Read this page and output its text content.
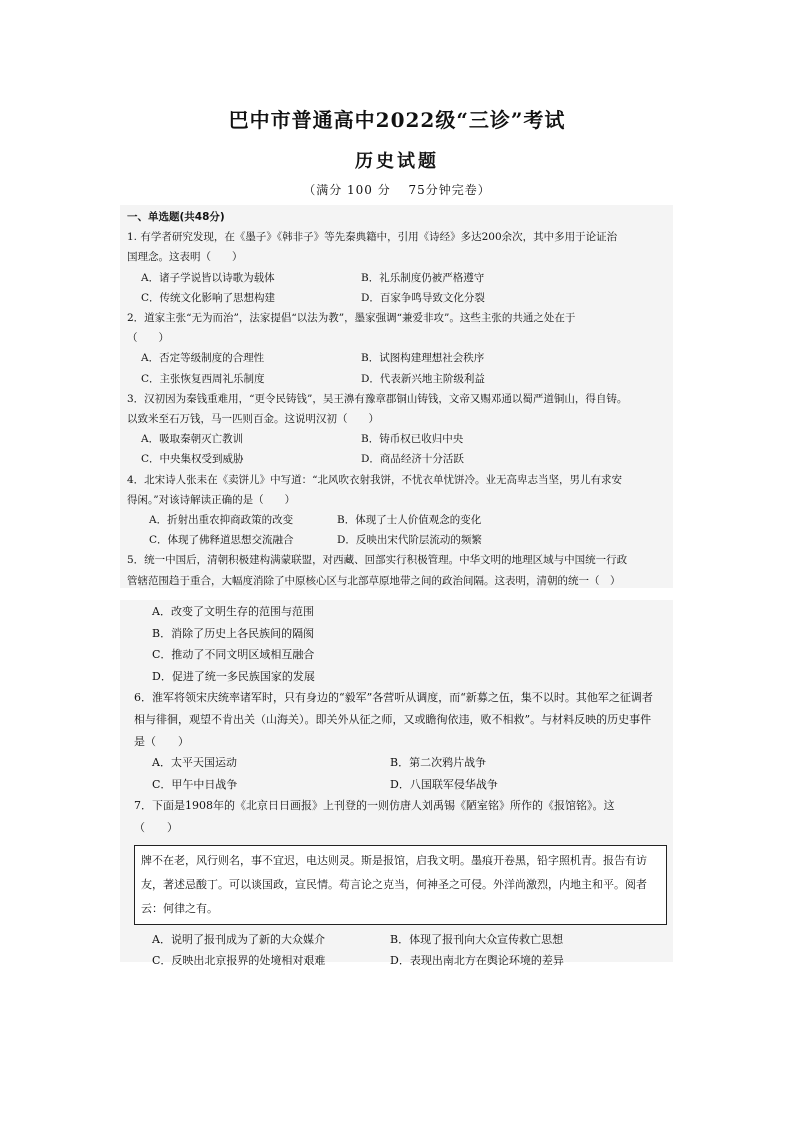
巴中市普通高中2022级“三诊”考试
历史试题
（满分 100 分　 75分钟完卷）
一、单选题(共48分)
1. 有学者研究发现，在《墨子》《韩非子》等先秦典籍中，引用《诗经》多达200余次，其中多用于论证治
国理念。这表明（　　）
A．诸子学说皆以诗歌为载体	B．礼乐制度仍被严格遵守
C．传统文化影响了思想构建	D．百家争鸣导致文化分裂
2．道家主张“无为而治”，法家提倡“以法为教”，墨家强调“兼爱非攻”。这些主张的共通之处在于
（　　）
A．否定等级制度的合理性	B．试图构建理想社会秩序
C．主张恢复西周礼乐制度	D．代表新兴地主阶级利益
3．汉初因为秦钱重难用，“更令民铸钱”，吴王濞有豫章郡铜山铸钱，文帝又赐邓通以蜀严道铜山，得自铸。
以致米至石万钱，马一匹则百金。这说明汉初（　　）
A．吸取秦朝灭亡教训	B．铸币权已收归中央
C．中央集权受到威胁	D．商品经济十分活跃
4．北宋诗人张耒在《卖饼儿》中写道：“北风吹衣射我饼，不忧衣单忧饼冷。业无高卑志当坚，男儿有求安
得闲。”对该诗解读正确的是（　　）
A．折射出重农抑商政策的改变	B．体现了士人价值观念的变化
C．体现了佛释道思想交流融合	D．反映出宋代阶层流动的频繁
5．统一中国后，清朝积极建构满蒙联盟，对西藏、回部实行积极管理。中华文明的地理区域与中国统一行政
管辖范围趋于重合，大幅度消除了中原核心区与北部草原地带之间的政治间隔。这表明，清朝的统一（　）
A．改变了文明生存的范围与范围
B．消除了历史上各民族间的隔阂
C．推动了不同文明区域相互融合
D．促进了统一多民族国家的发展
6．淮军将领宋庆统率诸军时，只有身边的“毅军”各营听从调度，而“新募之伍，集不以时。其他军之征调者
相与徘徊，观望不肯出关（山海关）。即关外从征之师，又或瞻徇依违，败不相救”。与材料反映的历史事件
是（　　）
A．太平天国运动	B．第二次鸦片战争
C．甲午中日战争	D．八国联军侵华战争
7．下面是1908年的《北京日日画报》上刊登的一则仿唐人刘禹锡《陋室铭》所作的《报馆铭》。这
（　　）
牌不在老，风行则名，事不宜迟，电达则灵。斯是报馆，启我文明。墨痕开卷黑，铅字照机青。报告有访
友，著述忌酸丁。可以谈国政，宣民情。苟言论之克当，何神圣之可侵。外洋尚激烈，内地主和平。阅者
云：何律之有。
A．说明了报刊成为了新的大众媒介	B．体现了报刊向大众宣传救亡思想
C．反映出北京报界的处境相对艰难	D．表现出南北方在舆论环境的差异
